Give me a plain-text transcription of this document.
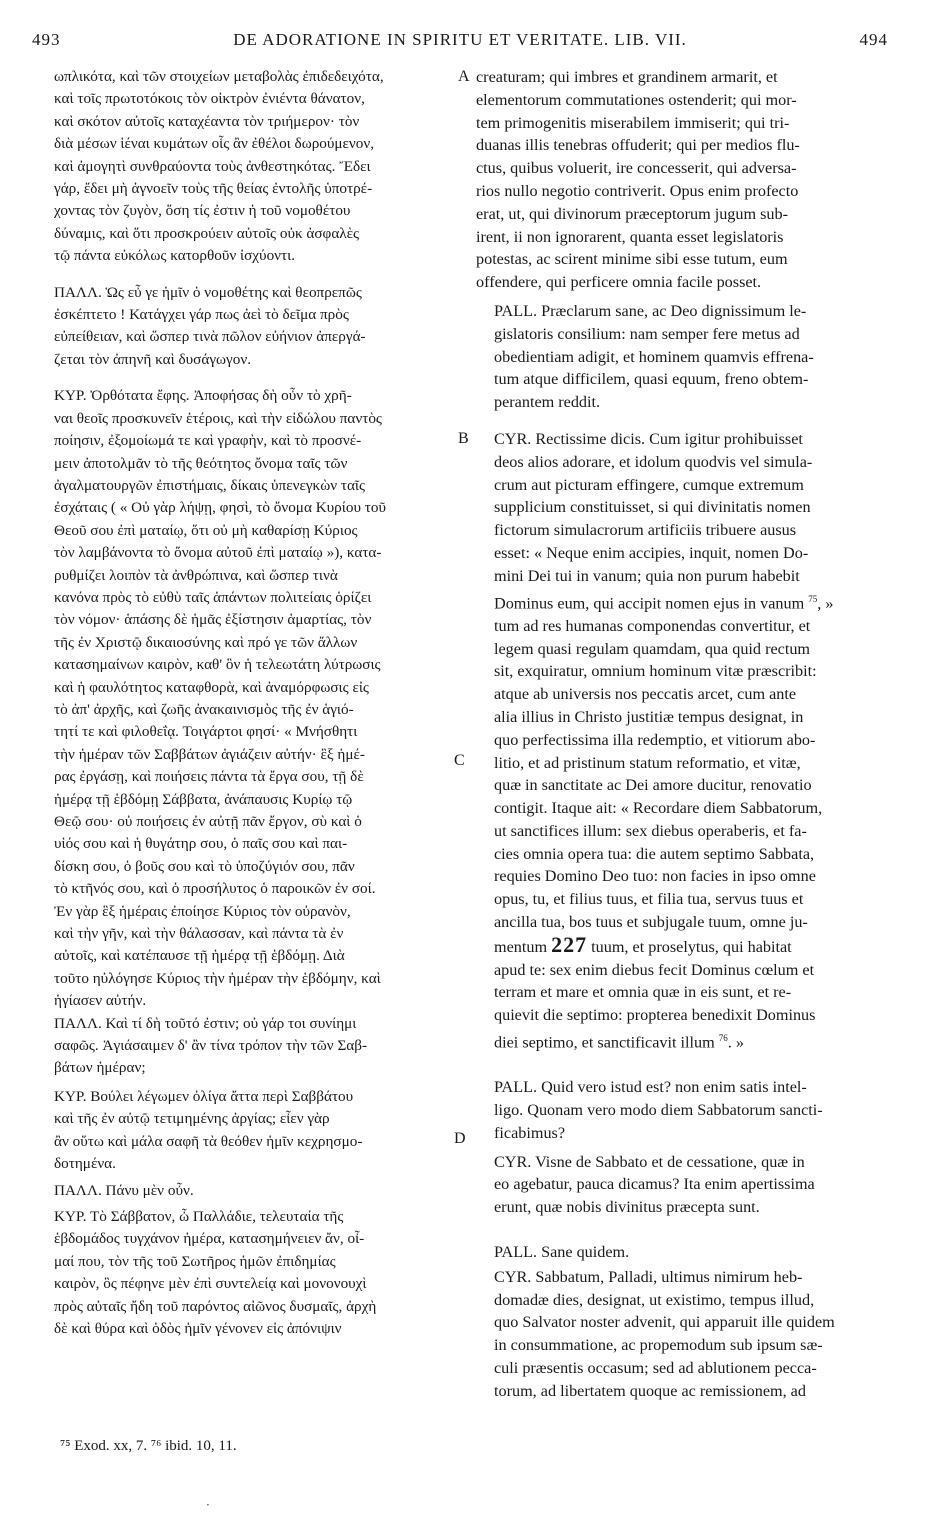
493	DE ADORATIONE IN SPIRITU ET VERITATE. LIB. VII.	494

ωπλικότα, καὶ τῶν στοιχείων μεταβολὰς ἐπιδεδειχότα,
καὶ τοῖς πρωτοτόκοις τὸν οἰκτρὸν ἐνιέντα θάνατον,
καὶ σκότον αὐτοῖς καταχέαντα τὸν τριήμερον· τὸν
διὰ μέσων ἱέναι κυμάτων οἷς ἂν ἐθέλοι δωρούμενον,
καὶ ἀμογητὶ συνθραύοντα τοὺς ἀνθεστηκότας. Ἔδει
γάρ, ἔδει μὴ ἀγνοεῖν τοὺς τῆς θείας ἐντολῆς ὑποτρέ-
χοντας τὸν ζυγὸν, ὅση τίς ἐστιν ἡ τοῦ νομοθέτου
δύναμις, καὶ ὅτι προσκρούειν αὐτοῖς οὐκ ἀσφαλὲς
τῷ πάντα εὐκόλως κατορθοῦν ἰσχύοντι.

ΠΑΛΛ. Ὡς εὖ γε ἡμῖν ὁ νομοθέτης καὶ θεοπρεπῶς
ἐσκέπτετο ! Κατάγχει γάρ πως ἀεὶ τὸ δεῖμα πρὸς
εὐπείθειαν, καὶ ὥσπερ τινὰ πῶλον εὐήνιον ἀπεργά-
ζεται τὸν ἀπηνῆ καὶ δυσάγωγον.

ΚΥΡ. Ὀρθότατα ἔφης. Ἀποφήσας δὴ οὖν τὸ χρῆ-
ναι θεοῖς προσκυνεῖν ἑτέροις, καὶ τὴν εἰδώλου παντὸς
ποίησιν, ἐξομοίωμά τε καὶ γραφὴν, καὶ τὸ προσνέ-
μειν ἀποτολμᾶν τὸ τῆς θεότητος ὄνομα ταῖς τῶν
ἀγαλματουργῶν ἐπιστήμαις, δίκαις ὑπενεγκὼν ταῖς
ἐσχάταις ( « Οὐ γὰρ λήψῃ, φησὶ, τὸ ὄνομα Κυρίου τοῦ
Θεοῦ σου ἐπὶ ματαίῳ, ὅτι οὐ μὴ καθαρίσῃ Κύριος
τὸν λαμβάνοντα τὸ ὄνομα αὐτοῦ ἐπὶ ματαίῳ »), κατα-
ρυθμίζει λοιπὸν τὰ ἀνθρώπινα, καὶ ὥσπερ τινὰ
κανόνα πρὸς τὸ εὐθὺ ταῖς ἁπάντων πολιτείαις ὁρίζει
τὸν νόμον· ἁπάσης δὲ ἡμᾶς ἐξίστησιν ἁμαρτίας, τὸν
τῆς ἐν Χριστῷ δικαιοσύνης καὶ πρό γε τῶν ἄλλων
κατασημαίνων καιρὸν, καθ' ὃν ἡ τελεωτάτη λύτρωσις
καὶ ἡ φαυλότητος καταφθορὰ, καὶ ἀναμόρφωσις εἰς
τὸ ἀπ' ἀρχῆς, καὶ ζωῆς ἀνακαινισμὸς τῆς ἐν ἁγιό-
τητί τε καὶ φιλοθεΐᾳ. Τοιγάρτοι φησί· « Μνήσθητι
τὴν ἡμέραν τῶν Σαββάτων ἁγιάζειν αὐτήν· ἓξ ἡμέ-
ρας ἐργάσῃ, καὶ ποιήσεις πάντα τὰ ἔργα σου, τῇ δὲ
ἡμέρᾳ τῇ ἑβδόμῃ Σάββατα, ἀνάπαυσις Κυρίῳ τῷ
Θεῷ σου· οὐ ποιήσεις ἐν αὐτῇ πᾶν ἔργον, σὺ καὶ ὁ
υἱός σου καὶ ἡ θυγάτηρ σου, ὁ παῖς σου καὶ παι-
δίσκη σου, ὁ βοῦς σου καὶ τὸ ὑποζύγιόν σου, πᾶν
τὸ κτῆνός σου, καὶ ὁ προσήλυτος ὁ παροικῶν ἐν σοί.
Ἐν γὰρ ἓξ ἡμέραις ἐποίησε Κύριος τὸν οὐρανὸν,
καὶ τὴν γῆν, καὶ τὴν θάλασσαν, καὶ πάντα τὰ ἐν
αὐτοῖς, καὶ κατέπαυσε τῇ ἡμέρᾳ τῇ ἑβδόμῃ. Διὰ
τοῦτο ηὐλόγησε Κύριος τὴν ἡμέραν τὴν ἑβδόμην, καὶ
ἡγίασεν αὐτήν.

ΠΑΛΛ. Καὶ τί δὴ τοῦτό ἐστιν; οὐ γάρ τοι συνίημι
σαφῶς. Ἁγιάσαιμεν δ' ἂν τίνα τρόπον τὴν τῶν Σαβ-
βάτων ἡμέραν;

ΚΥΡ. Βούλει λέγωμεν ὀλίγα ἄττα περὶ Σαββάτου
καὶ τῆς ἐν αὐτῷ τετιμημένης ἀργίας; εἶεν γὰρ
ἂν οὕτω καὶ μάλα σαφῆ τὰ θεόθεν ἡμῖν κεχρησμο-
δοτημένα.

ΠΑΛΛ. Πάνυ μὲν οὖν.

ΚΥΡ. Τὸ Σάββατον, ὦ Παλλάδιε, τελευταία τῆς
ἑβδομάδος τυγχάνον ἡμέρα, κατασημήνειεν ἄν, οἶ-
μαί που, τὸν τῆς τοῦ Σωτῆρος ἡμῶν ἐπιδημίας
καιρὸν, ὃς πέφηνε μὲν ἐπὶ συντελείᾳ καὶ μονονουχὶ
πρὸς αὐταῖς ἤδη τοῦ παρόντος αἰῶνος δυσμαῖς, ἀρχὴ
δὲ καὶ θύρα καὶ ὁδὸς ἡμῖν γένονεν εἰς ἀπόνιψιν

A
B
C
D

creaturam; qui imbres et grandinem armarit, et
elementorum commutationes ostenderit; qui mor-
tem primogenitis miserabilem immiserit; qui tri-
duanas illis tenebras offuderit; qui per medios flu-
ctus, quibus voluerit, ire concesserit, qui adversa-
rios nullo negotio contriverit. Opus enim profecto
erat, ut, qui divinorum præceptorum jugum sub-
irent, ii non ignorarent, quanta esset legislatoris
potestas, ac scirent minime sibi esse tutum, eum
offendere, qui perficere omnia facile posset.

PALL. Præclarum sane, ac Deo dignissimum le-
gislatoris consilium: nam semper fere metus ad
obedientiam adigit, et hominem quamvis effrena-
tum atque difficilem, quasi equum, freno obtem-
perantem reddit.

CYR. Rectissime dicis. Cum igitur prohibuisset
deos alios adorare, et idolum quodvis vel simula-
crum aut picturam effingere, cumque extremum
supplicium constituisset, si qui divinitatis nomen
fictorum simulacrorum artificiis tribuere ausus
esset: « Neque enim accipies, inquit, nomen Do-
mini Dei tui in vanum; quia non purum habebit
Dominus eum, qui accipit nomen ejus in vanum $^{75}$, »
tum ad res humanas componendas convertitur, et
legem quasi regulam quamdam, qua quid rectum
sit, exquiratur, omnium hominum vitæ præscribit:
atque ab universis nos peccatis arcet, cum ante
alia illius in Christo justitiæ tempus designat, in
quo perfectissima illa redemptio, et vitiorum abo-
litio, et ad pristinum statum reformatio, et vitæ,
quæ in sanctitate ac Dei amore ducitur, renovatio
contigit. Itaque ait: « Recordare diem Sabbatorum,
ut sanctifices illum: sex diebus operaberis, et fa-
cies omnia opera tua: die autem septimo Sabbata,
requies Domino Deo tuo: non facies in ipso omne
opus, tu, et filius tuus, et filia tua, servus tuus et
ancilla tua, bos tuus et subjugale tuum, omne ju-
mentum 227 tuum, et proselytus, qui habitat
apud te: sex enim diebus fecit Dominus cœlum et
terram et mare et omnia quæ in eis sunt, et re-
quievit die septimo: propterea benedixit Dominus
diei septimo, et sanctificavit illum $^{76}$. »

PALL. Quid vero istud est? non enim satis intel-
ligo. Quonam vero modo diem Sabbatorum sancti-
ficabimus?

CYR. Visne de Sabbato et de cessatione, quæ in
eo agebatur, pauca dicamus? Ita enim apertissima
erunt, quæ nobis divinitus præcepta sunt.

PALL. Sane quidem.

CYR. Sabbatum, Palladi, ultimus nimirum heb-
domadæ dies, designat, ut existimo, tempus illud,
quo Salvator noster advenit, qui apparuit ille quidem
in consummatione, ac propemodum sub ipsum sæ-
culi præsentis occasum; sed ad ablutionem pecca-
torum, ad libertatem quoque ac remissionem, ad

⁷⁵ Exod. xx, 7. ⁷⁶ ibid. 10, 11.
·
